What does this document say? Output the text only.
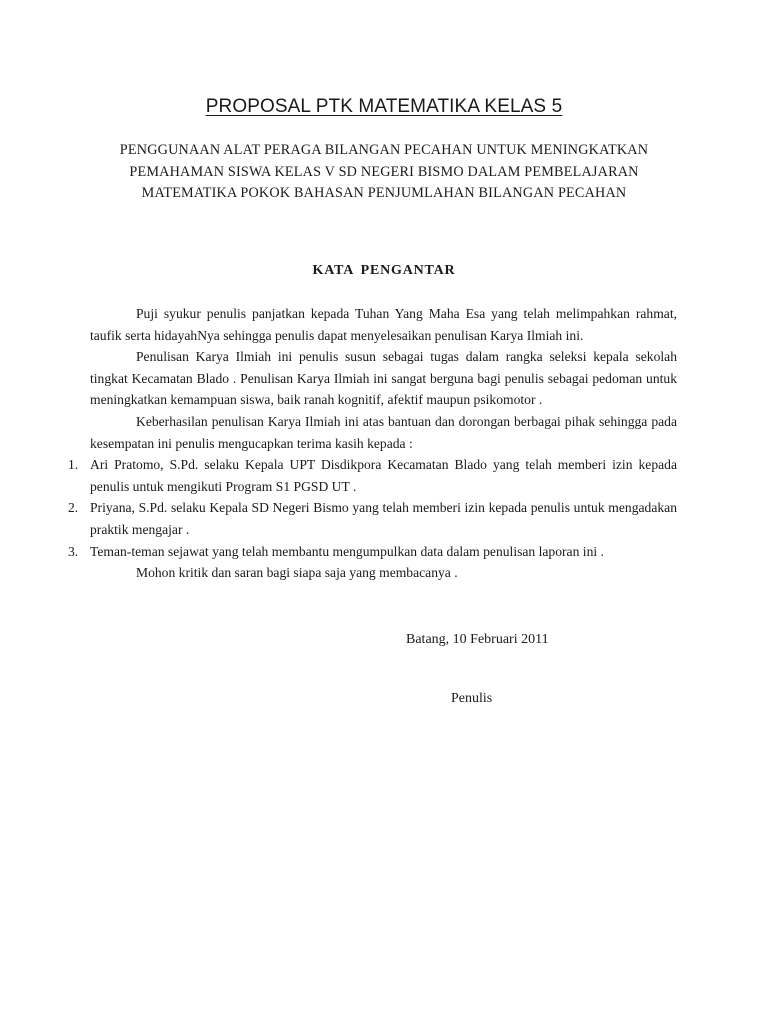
PROPOSAL PTK MATEMATIKA KELAS 5
PENGGUNAAN ALAT PERAGA BILANGAN PECAHAN UNTUK MENINGKATKAN
PEMAHAMAN SISWA KELAS V SD NEGERI BISMO DALAM PEMBELAJARAN
MATEMATIKA POKOK BAHASAN PENJUMLAHAN BILANGAN PECAHAN
KATA PENGANTAR

Puji syukur penulis panjatkan kepada Tuhan Yang Maha Esa yang telah melimpahkan rahmat, taufik serta hidayahNya sehingga penulis dapat menyelesaikan penulisan Karya Ilmiah ini.

Penulisan Karya Ilmiah ini penulis susun sebagai tugas dalam rangka seleksi kepala sekolah tingkat Kecamatan Blado . Penulisan Karya Ilmiah ini sangat berguna bagi penulis sebagai pedoman untuk meningkatkan kemampuan siswa, baik ranah kognitif, afektif maupun psikomotor .

Keberhasilan penulisan Karya Ilmiah ini atas bantuan dan dorongan berbagai pihak sehingga pada kesempatan ini penulis mengucapkan terima kasih kepada :

1. Ari Pratomo, S.Pd. selaku Kepala UPT Disdikpora Kecamatan Blado yang telah memberi izin kepada penulis untuk mengikuti Program S1 PGSD UT .
2. Priyana, S.Pd. selaku Kepala SD Negeri Bismo yang telah memberi izin kepada penulis untuk mengadakan praktik mengajar .
3. Teman-teman sejawat yang telah membantu mengumpulkan data dalam penulisan laporan ini .

Mohon kritik dan saran bagi siapa saja yang membacanya .

Batang, 10 Februari 2011
Penulis
